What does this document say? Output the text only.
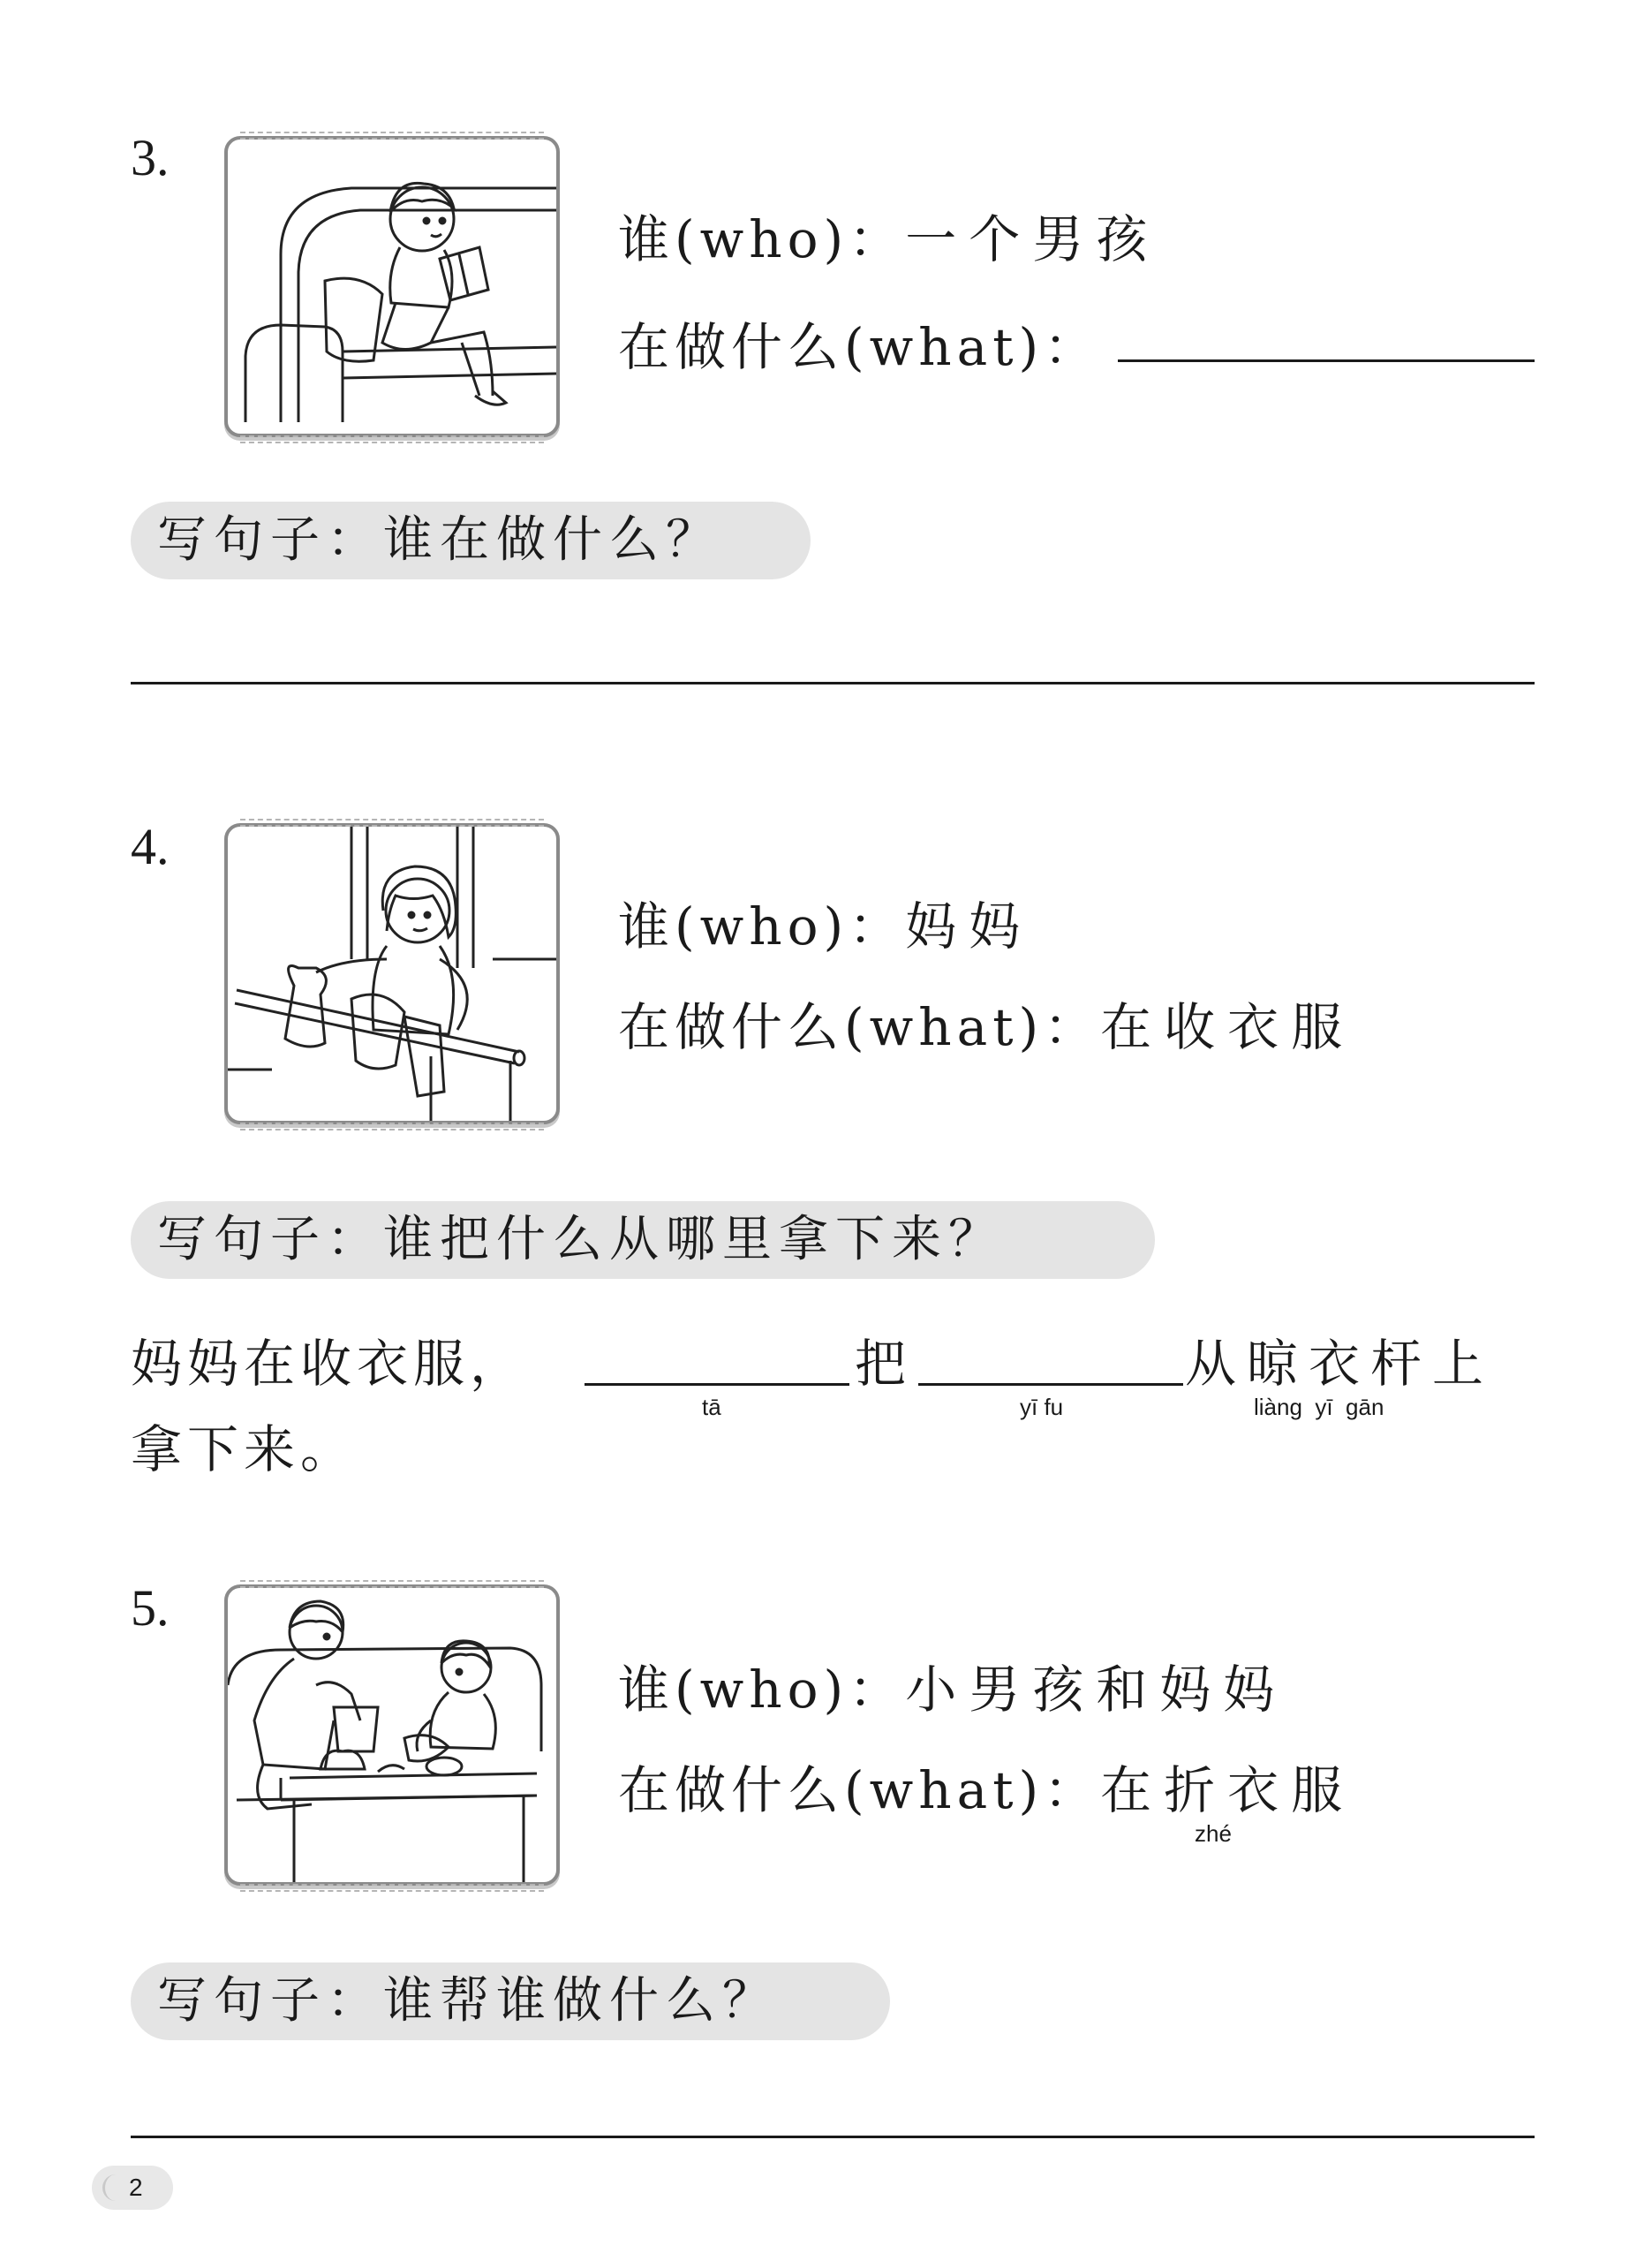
3.
谁(who)：一个男孩
在做什么(what)：
写句子：谁在做什么？
4.
谁(who)：妈妈
在做什么(what)：在收衣服
写句子：谁把什么从哪里拿下来？
妈妈在收衣服，	把	从晾衣杆上
tā	yī fu	liàng  yī  gān
拿下来。
5.
谁(who)：小男孩和妈妈
在做什么(what)：在折衣服
zhé
写句子：谁帮谁做什么？
2
